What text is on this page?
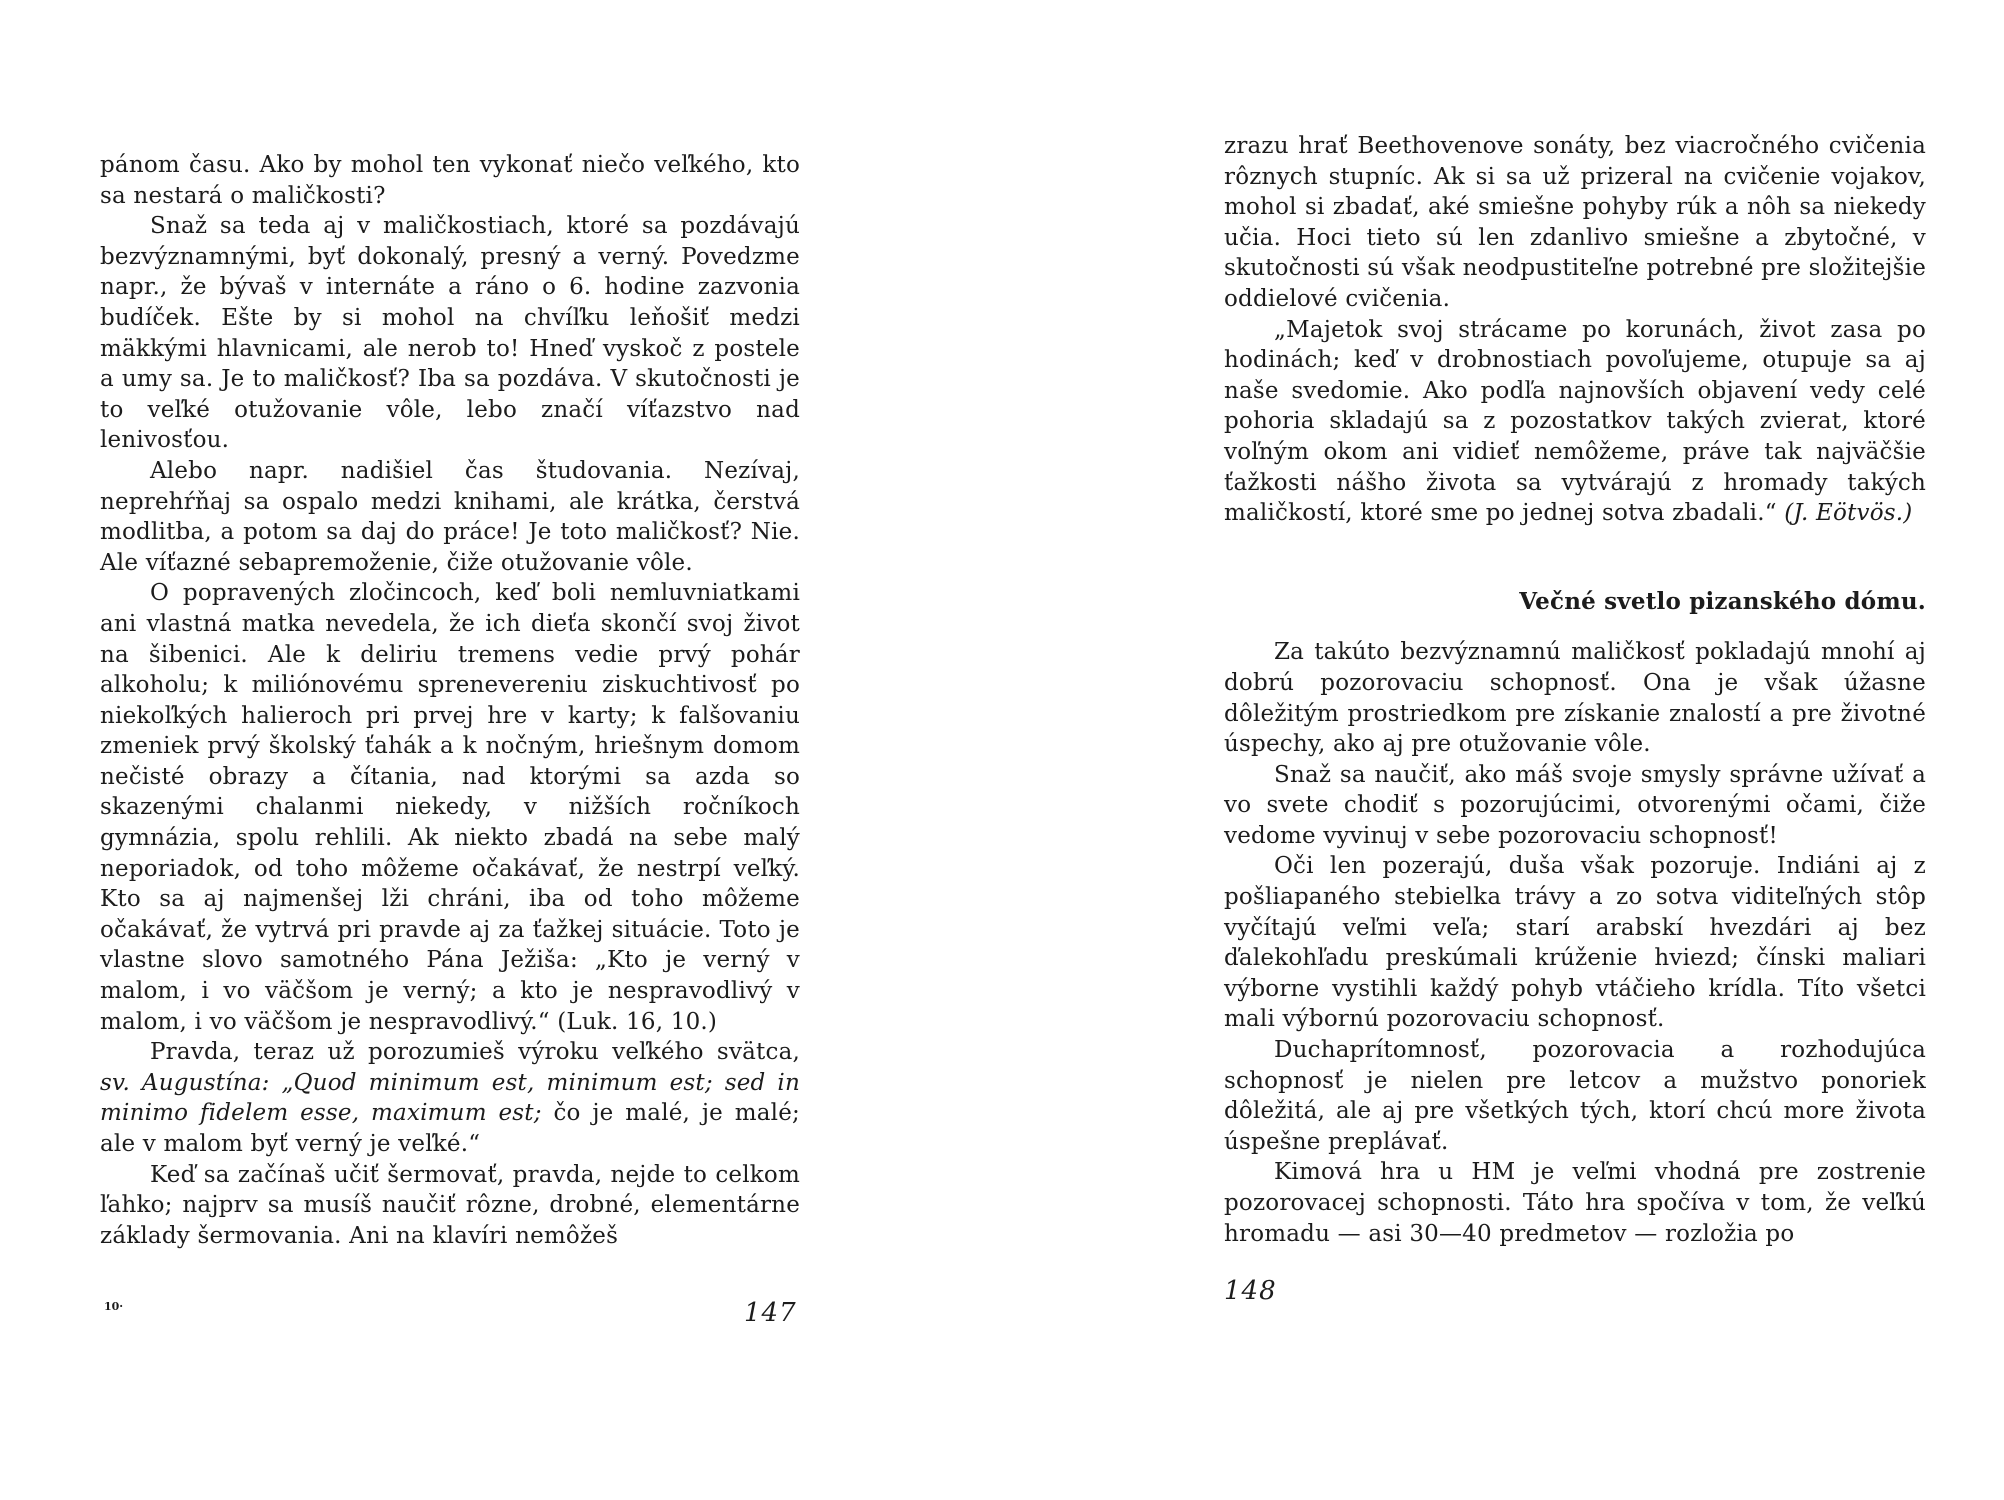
pánom času. Ako by mohol ten vykonať niečo veľkého, kto sa nestará o maličkosti?

Snaž sa teda aj v maličkostiach, ktoré sa pozdávajú bezvýznamnými, byť dokonalý, presný a verný. Povedzme napr., že bývaš v internáte a ráno o 6. hodine zazvonia budíček. Ešte by si mohol na chvíľku leňošiť medzi mäkkými hlavnicami, ale nerob to! Hneď vyskoč z postele a umy sa. Je to maličkosť? Iba sa pozdáva. V skutočnosti je to veľké otužovanie vôle, lebo značí víťazstvo nad lenivosťou.

Alebo napr. nadišiel čas študovania. Nezívaj, neprehŕňaj sa ospalo medzi knihami, ale krátka, čerstvá modlitba, a potom sa daj do práce! Je toto maličkosť? Nie. Ale víťazné sebapremoženie, čiže otužovanie vôle.

O popravených zločincoch, keď boli nemluvniatkami ani vlastná matka nevedela, že ich dieťa skončí svoj život na šibenici. Ale k deliriu tremens vedie prvý pohár alkoholu; k miliónovému sprenevereniu ziskuchtivosť po niekoľkých halieroch pri prvej hre v karty; k falšovaniu zmeniek prvý školský ťahák a k nočným, hriešnym domom nečisté obrazy a čítania, nad ktorými sa azda so skazenými chalanmi niekedy, v nižších ročníkoch gymnázia, spolu rehlili. Ak niekto zbadá na sebe malý neporiadok, od toho môžeme očakávať, že nestrpí veľký. Kto sa aj najmenšej lži chráni, iba od toho môžeme očakávať, že vytrvá pri pravde aj za ťažkej situácie. Toto je vlastne slovo samotného Pána Ježiša: „Kto je verný v malom, i vo väčšom je verný; a kto je nespravodlivý v malom, i vo väčšom je nespravodlivý.“ (Luk. 16, 10.)

Pravda, teraz už porozumieš výroku veľkého svätca, sv. Augustína: „Quod minimum est, minimum est; sed in minimo fidelem esse, maximum est; čo je malé, je malé; ale v malom byť verný je veľké.“

Keď sa začínaš učiť šermovať, pravda, nejde to celkom ľahko; najprv sa musíš naučiť rôzne, drobné, elementárne základy šermovania. Ani na klavíri nemôžeš

10·	147

zrazu hrať Beethovenove sonáty, bez viacročného cvičenia rôznych stupníc. Ak si sa už prizeral na cvičenie vojakov, mohol si zbadať, aké smiešne pohyby rúk a nôh sa niekedy učia. Hoci tieto sú len zdanlivo smiešne a zbytočné, v skutočnosti sú však neodpustiteľne potrebné pre složitejšie oddielové cvičenia.

„Majetok svoj strácame po korunách, život zasa po hodinách; keď v drobnostiach povoľujeme, otupuje sa aj naše svedomie. Ako podľa najnovších objavení vedy celé pohoria skladajú sa z pozostatkov takých zvierat, ktoré voľným okom ani vidieť nemôžeme, práve tak najväčšie ťažkosti nášho života sa vytvárajú z hromady takých maličkostí, ktoré sme po jednej sotva zbadali.“ (J. Eötvös.)

Večné svetlo pizanského dómu.

Za takúto bezvýznamnú maličkosť pokladajú mnohí aj dobrú pozorovaciu schopnosť. Ona je však úžasne dôležitým prostriedkom pre získanie znalostí a pre životné úspechy, ako aj pre otužovanie vôle.

Snaž sa naučiť, ako máš svoje smysly správne užívať a vo svete chodiť s pozorujúcimi, otvorenými očami, čiže vedome vyvinuj v sebe pozorovaciu schopnosť!

Oči len pozerajú, duša však pozoruje. Indiáni aj z pošliapaného stebielka trávy a zo sotva viditeľných stôp vyčítajú veľmi veľa; starí arabskí hvezdári aj bez ďalekohľadu preskúmali krúženie hviezd; čínski maliari výborne vystihli každý pohyb vtáčieho krídla. Títo všetci mali výbornú pozorovaciu schopnosť.

Duchaprítomnosť, pozorovacia a rozhodujúca schopnosť je nielen pre letcov a mužstvo ponoriek dôležitá, ale aj pre všetkých tých, ktorí chcú more života úspešne preplávať.

Kimová hra u HM je veľmi vhodná pre zostrenie pozorovacej schopnosti. Táto hra spočíva v tom, že veľkú hromadu — asi 30—40 predmetov — rozložia po

148
